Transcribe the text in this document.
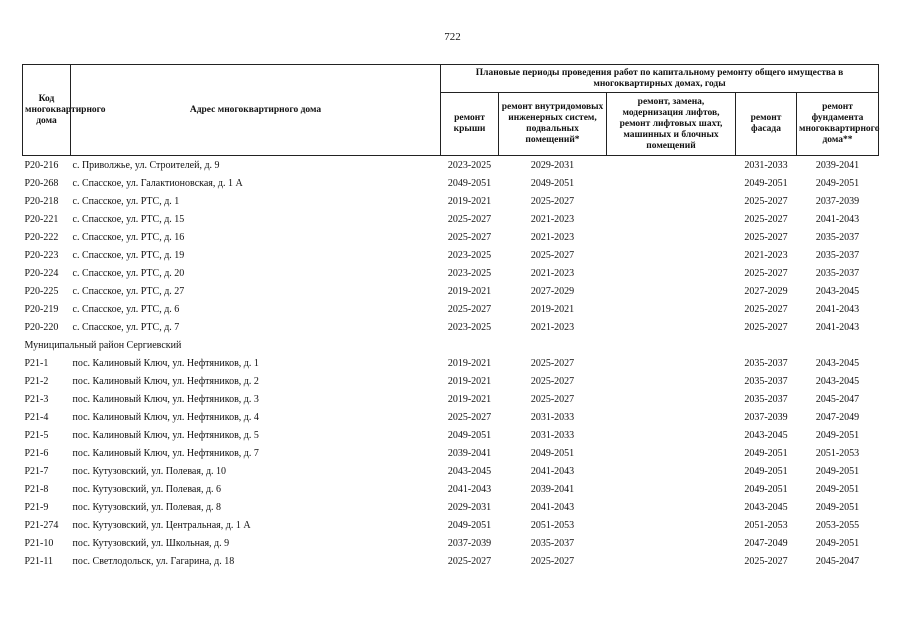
722
Код многоквартирного дома	Адрес многоквартирного дома	Плановые периоды проведения работ по капитальному ремонту общего имущества в многоквартирных домах, годы				
		ремонт крыши	ремонт внутридомовых инженерных систем, подвальных помещений*	ремонт, замена, модернизация лифтов, ремонт лифтовых шахт, машинных и блочных помещений	ремонт фасада	ремонт фундамента многоквартирного дома**
P20-216	с. Приволжье, ул. Строителей, д. 9	2023-2025	2029-2031		2031-2033	2039-2041
P20-268	с. Спасское, ул. Галактионовская, д. 1 А	2049-2051	2049-2051		2049-2051	2049-2051
P20-218	с. Спасское, ул. РТС, д. 1	2019-2021	2025-2027		2025-2027	2037-2039
P20-221	с. Спасское, ул. РТС, д. 15	2025-2027	2021-2023		2025-2027	2041-2043
P20-222	с. Спасское, ул. РТС, д. 16	2025-2027	2021-2023		2025-2027	2035-2037
P20-223	с. Спасское, ул. РТС, д. 19	2023-2025	2025-2027		2021-2023	2035-2037
P20-224	с. Спасское, ул. РТС, д. 20	2023-2025	2021-2023		2025-2027	2035-2037
P20-225	с. Спасское, ул. РТС, д. 27	2019-2021	2027-2029		2027-2029	2043-2045
P20-219	с. Спасское, ул. РТС, д. 6	2025-2027	2019-2021		2025-2027	2041-2043
P20-220	с. Спасское, ул. РТС, д. 7	2023-2025	2021-2023		2025-2027	2041-2043
Муниципальный район Сергиевский						
P21-1	пос. Калиновый Ключ, ул. Нефтяников, д. 1	2019-2021	2025-2027		2035-2037	2043-2045
P21-2	пос. Калиновый Ключ, ул. Нефтяников, д. 2	2019-2021	2025-2027		2035-2037	2043-2045
P21-3	пос. Калиновый Ключ, ул. Нефтяников, д. 3	2019-2021	2025-2027		2035-2037	2045-2047
P21-4	пос. Калиновый Ключ, ул. Нефтяников, д. 4	2025-2027	2031-2033		2037-2039	2047-2049
P21-5	пос. Калиновый Ключ, ул. Нефтяников, д. 5	2049-2051	2031-2033		2043-2045	2049-2051
P21-6	пос. Калиновый Ключ, ул. Нефтяников, д. 7	2039-2041	2049-2051		2049-2051	2051-2053
P21-7	пос. Кутузовский, ул. Полевая, д. 10	2043-2045	2041-2043		2049-2051	2049-2051
P21-8	пос. Кутузовский, ул. Полевая, д. 6	2041-2043	2039-2041		2049-2051	2049-2051
P21-9	пос. Кутузовский, ул. Полевая, д. 8	2029-2031	2041-2043		2043-2045	2049-2051
P21-274	пос. Кутузовский, ул. Центральная, д. 1 А	2049-2051	2051-2053		2051-2053	2053-2055
P21-10	пос. Кутузовский, ул. Школьная, д. 9	2037-2039	2035-2037		2047-2049	2049-2051
P21-11	пос. Светлодольск, ул. Гагарина, д. 18	2025-2027	2025-2027		2025-2027	2045-2047
